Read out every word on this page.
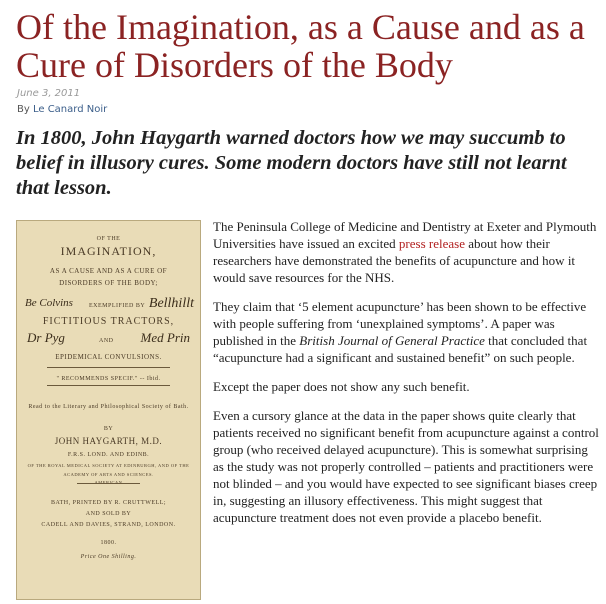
Of the Imagination, as a Cause and as a Cure of Disorders of the Body
June 3, 2011
By Le Canard Noir

In 1800, John Haygarth warned doctors how we may succumb to belief in illusory cures. Some modern doctors have still not learnt that lesson.

OF THE
IMAGINATION,
AS A CAUSE AND AS A CURE OF
DISORDERS OF THE BODY;
Be Colvins	EXEMPLIFIED BY Bellhillt
FICTITIOUS TRACTORS,
Dr Pyg	AND Med Prin
EPIDEMICAL CONVULSIONS.
" RECOMMENDS SPECIF." -- Ibid.
Read to the Literary and Philosophical Society of Bath.
BY
JOHN HAYGARTH, M.D.
F.R.S. LOND. AND EDINB.
OF THE ROYAL MEDICAL SOCIETY AT EDINBURGH, AND OF THE
ACADEMY OF ARTS AND SCIENCES.
BATH, PRINTED BY R. CRUTTWELL;
AND SOLD BY
CADELL AND DAVIES, STRAND, LONDON.
1800.
Price One Shilling.

The Peninsula College of Medicine and Dentistry at Exeter and Plymouth Universities have issued an excited press release about how their researchers have demonstrated the benefits of acupuncture and how it would save resources for the NHS.

They claim that ‘5 element acupuncture’ has been shown to be effective with people suffering from ‘unexplained symptoms’. A paper was published in the British Journal of General Practice that concluded that “acupuncture had a significant and sustained benefit” on such people.

Except the paper does not show any such benefit.

Even a cursory glance at the data in the paper shows quite clearly that patients received no significant benefit from acupuncture against a control group (who received delayed acupuncture). This is somewhat surprising as the study was not properly controlled – patients and practitioners were not blinded – and you would have expected to see significant biases creep in, suggesting an illusory effectiveness. This might suggest that acupuncture treatment does not even provide a placebo benefit.
